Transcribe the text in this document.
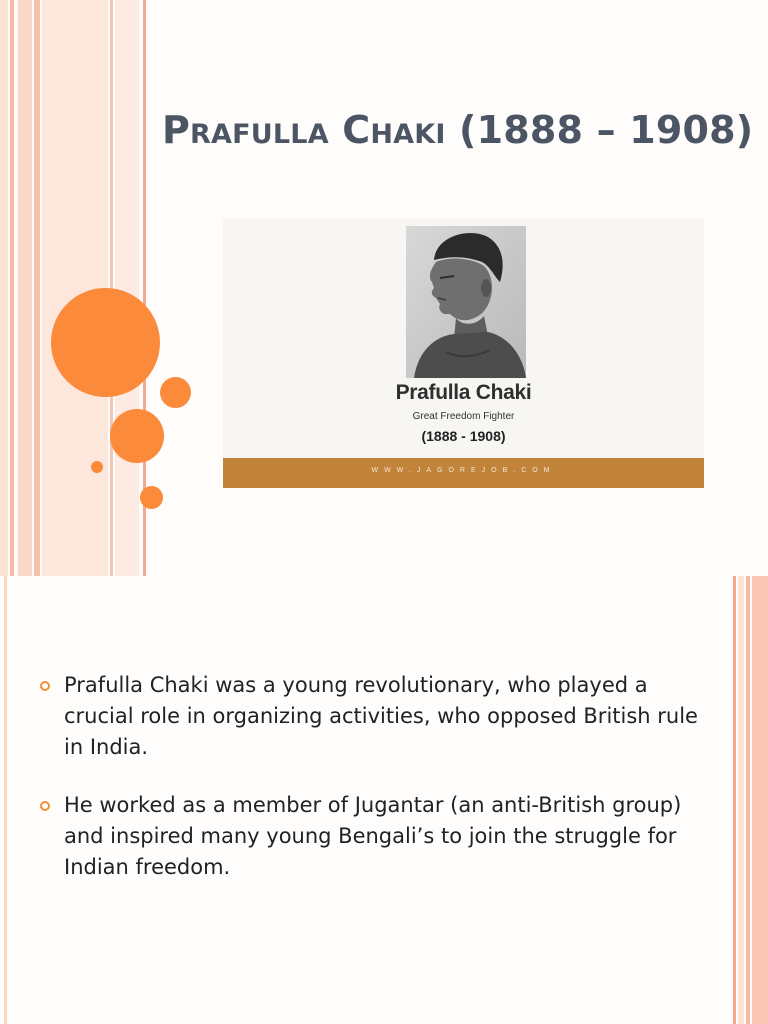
Prafulla Chaki (1888 – 1908)
Prafulla Chaki
Great Freedom Fighter
(1888 - 1908)
WWW.JAGOREJOB.COM
Prafulla Chaki was a young revolutionary, who played a crucial role in organizing activities, who opposed British rule in India.
He worked as a member of Jugantar (an anti-British group) and inspired many young Bengali’s to join the struggle for Indian freedom.
